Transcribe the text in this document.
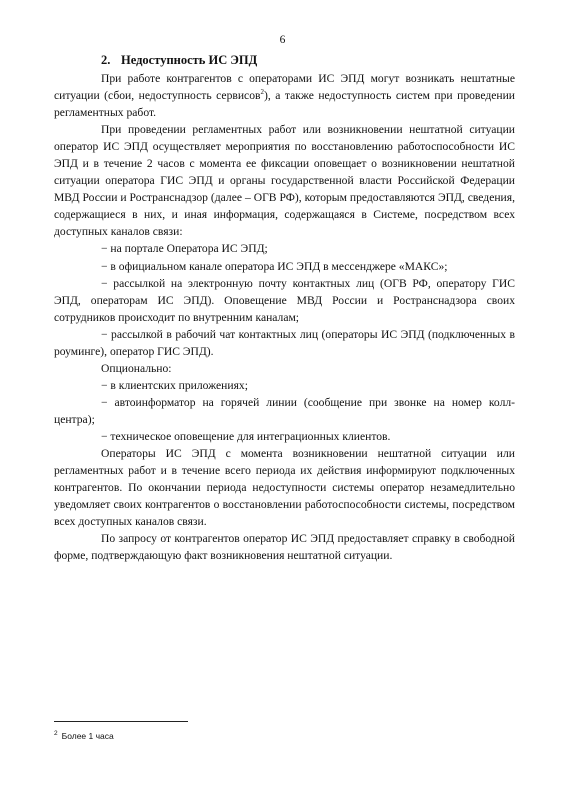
6
2. Недоступность ИС ЭПД

При работе контрагентов с операторами ИС ЭПД могут возникать нештатные ситуации (сбои, недоступность сервисов$^2$), а также недоступность систем при проведении регламентных работ.

При проведении регламентных работ или возникновении нештатной ситуации оператор ИС ЭПД осуществляет мероприятия по восстановлению работоспособности ИС ЭПД и в течение 2 часов с момента ее фиксации оповещает о возникновении нештатной ситуации оператора ГИС ЭПД и органы государственной власти Российской Федерации МВД России и Ространснадзор (далее – ОГВ РФ), которым предоставляются ЭПД, сведения, содержащиеся в них, и иная информация, содержащаяся в Системе, посредством всех доступных каналов связи:

− на портале Оператора ИС ЭПД;

− в официальном канале оператора ИС ЭПД в мессенджере «МАКС»;

− рассылкой на электронную почту контактных лиц (ОГВ РФ, оператору ГИС ЭПД, операторам ИС ЭПД). Оповещение МВД России и Ространснадзора своих сотрудников происходит по внутренним каналам;

− рассылкой в рабочий чат контактных лиц (операторы ИС ЭПД (подключенных в роуминге), оператор ГИС ЭПД).

Опционально:

− в клиентских приложениях;

− автоинформатор на горячей линии (сообщение при звонке на номер колл-центра);

− техническое оповещение для интеграционных клиентов.

Операторы ИС ЭПД с момента возникновении нештатной ситуации или регламентных работ и в течение всего периода их действия информируют подключенных контрагентов. По окончании периода недоступности системы оператор незамедлительно уведомляет своих контрагентов о восстановлении работоспособности системы, посредством всех доступных каналов связи.

По запросу от контрагентов оператор ИС ЭПД предоставляет справку в свободной форме, подтверждающую факт возникновения нештатной ситуации.

$^2$ Более 1 часа
